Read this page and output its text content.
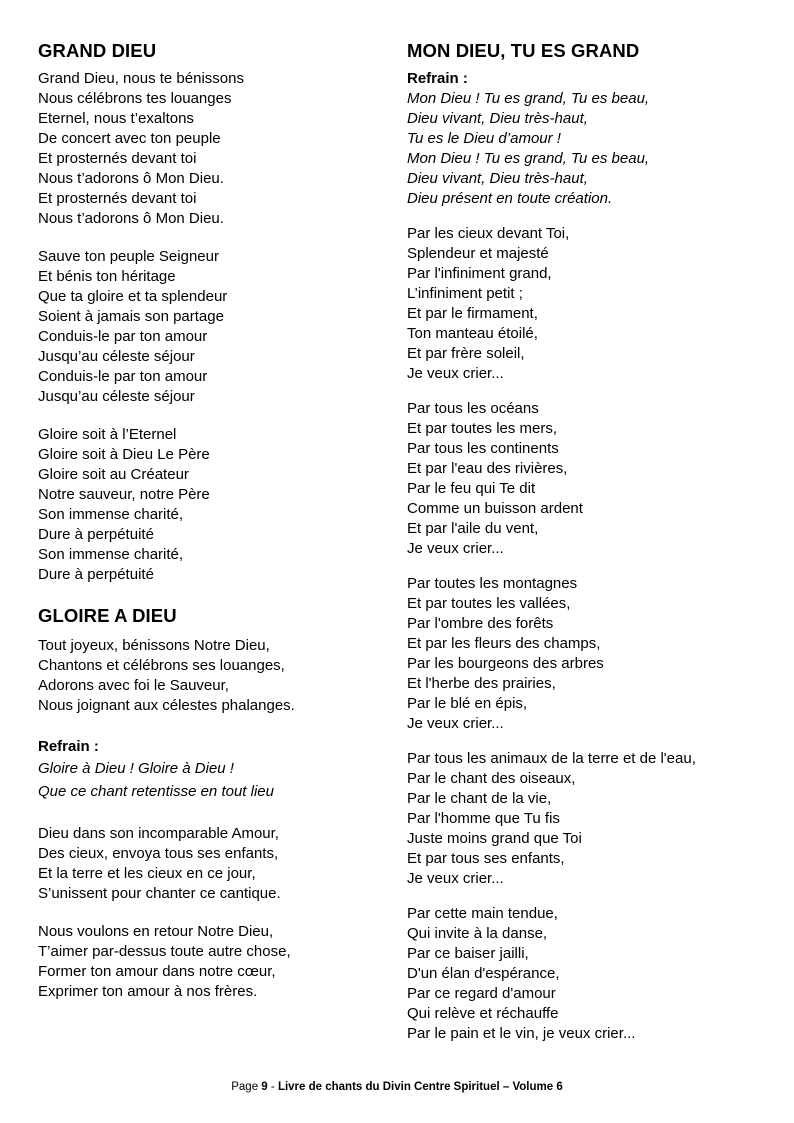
GRAND DIEU
Grand Dieu, nous te bénissons
Nous célébrons tes louanges
Eternel, nous t’exaltons
De concert avec ton peuple
Et prosternés devant toi
Nous t’adorons ô Mon Dieu.
Et prosternés devant toi
Nous t’adorons ô Mon Dieu.
Sauve ton peuple Seigneur
Et bénis ton héritage
Que ta gloire et ta splendeur
Soient à jamais son partage
Conduis-le par ton amour
Jusqu’au céleste séjour
Conduis-le par ton amour
Jusqu’au céleste séjour
Gloire soit à l’Eternel
Gloire soit à Dieu Le Père
Gloire soit au Créateur
Notre sauveur, notre Père
Son immense charité,
Dure à perpétuité
Son immense charité,
Dure à perpétuité
GLOIRE A DIEU
Tout joyeux, bénissons Notre Dieu,
Chantons et célébrons ses louanges,
Adorons avec foi le Sauveur,
Nous joignant aux célestes phalanges.
Refrain :
Gloire à Dieu ! Gloire à Dieu !
Que ce chant retentisse en tout lieu
Dieu dans son incomparable Amour,
Des cieux, envoya tous ses enfants,
Et la terre et les cieux en ce jour,
S’unissent pour chanter ce cantique.
Nous voulons en retour Notre Dieu,
T’aimer par-dessus toute autre chose,
Former ton amour dans notre cœur,
Exprimer ton amour à nos frères.
MON DIEU, TU ES GRAND
Refrain :
Mon Dieu ! Tu es grand, Tu es beau,
Dieu vivant, Dieu très-haut,
Tu es le Dieu d’amour !
Mon Dieu ! Tu es grand, Tu es beau,
Dieu vivant, Dieu très-haut,
Dieu présent en toute création.
Par les cieux devant Toi,
Splendeur et majesté
Par l'infiniment grand,
L’infiniment petit ;
Et par le firmament,
Ton manteau étoilé,
Et par frère soleil,
Je veux crier...
Par tous les océans
Et par toutes les mers,
Par tous les continents
Et par l'eau des rivières,
Par le feu qui Te dit
Comme un buisson ardent
Et par l'aile du vent,
Je veux crier...
Par toutes les montagnes
Et par toutes les vallées,
Par l'ombre des forêts
Et par les fleurs des champs,
Par les bourgeons des arbres
Et l'herbe des prairies,
Par le blé en épis,
Je veux crier...
Par tous les animaux de la terre et de l'eau,
Par le chant des oiseaux,
Par le chant de la vie,
Par l'homme que Tu fis
Juste moins grand que Toi
Et par tous ses enfants,
Je veux crier...
Par cette main tendue,
Qui invite à la danse,
Par ce baiser jailli,
D'un élan d'espérance,
Par ce regard d'amour
Qui relève et réchauffe
Par le pain et le vin, je veux crier...
Page 9 - Livre de chants du Divin Centre Spirituel – Volume 6
